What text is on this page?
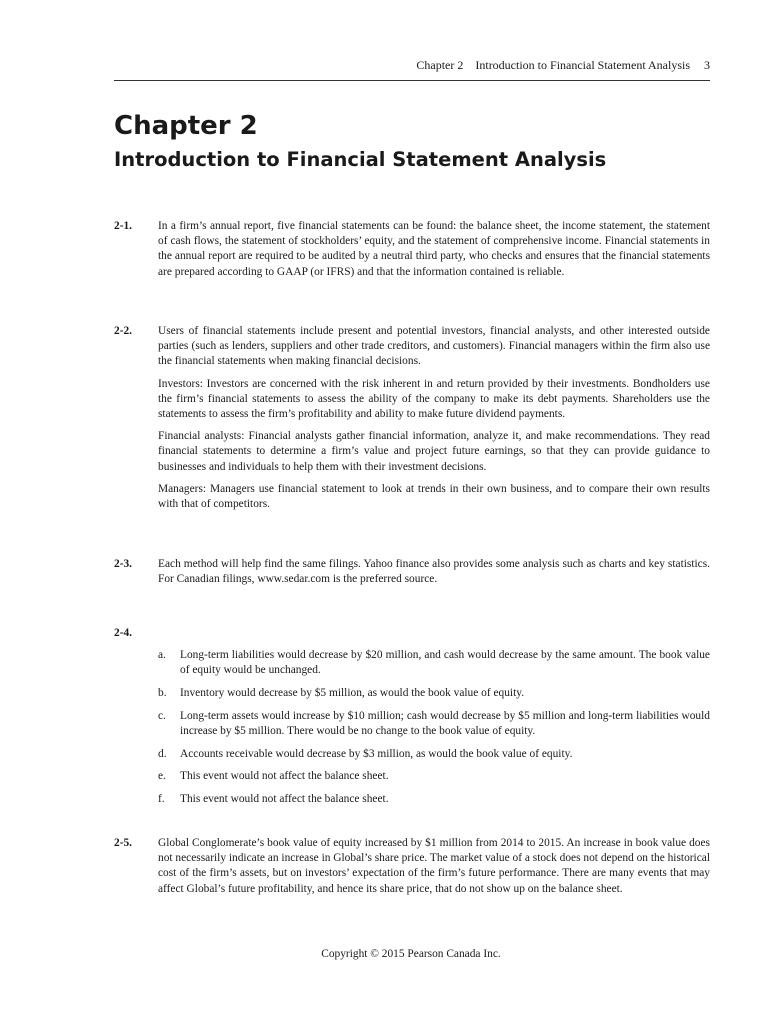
Chapter 2 Introduction to Financial Statement Analysis 3
Chapter 2
Introduction to Financial Statement Analysis
2-1. In a firm’s annual report, five financial statements can be found: the balance sheet, the income statement, the statement of cash flows, the statement of stockholders’ equity, and the statement of comprehensive income. Financial statements in the annual report are required to be audited by a neutral third party, who checks and ensures that the financial statements are prepared according to GAAP (or IFRS) and that the information contained is reliable.

2-2. Users of financial statements include present and potential investors, financial analysts, and other interested outside parties (such as lenders, suppliers and other trade creditors, and customers). Financial managers within the firm also use the financial statements when making financial decisions.

Investors: Investors are concerned with the risk inherent in and return provided by their investments. Bondholders use the firm’s financial statements to assess the ability of the company to make its debt payments. Shareholders use the statements to assess the firm’s profitability and ability to make future dividend payments.

Financial analysts: Financial analysts gather financial information, analyze it, and make recommendations. They read financial statements to determine a firm’s value and project future earnings, so that they can provide guidance to businesses and individuals to help them with their investment decisions.

Managers: Managers use financial statement to look at trends in their own business, and to compare their own results with that of competitors.

2-3. Each method will help find the same filings. Yahoo finance also provides some analysis such as charts and key statistics. For Canadian filings, www.sedar.com is the preferred source.

2-4.
a. Long-term liabilities would decrease by $20 million, and cash would decrease by the same amount. The book value of equity would be unchanged.
b. Inventory would decrease by $5 million, as would the book value of equity.
c. Long-term assets would increase by $10 million; cash would decrease by $5 million and long-term liabilities would increase by $5 million. There would be no change to the book value of equity.
d. Accounts receivable would decrease by $3 million, as would the book value of equity.
e. This event would not affect the balance sheet.
f. This event would not affect the balance sheet.
2-5. Global Conglomerate’s book value of equity increased by $1 million from 2014 to 2015. An increase in book value does not necessarily indicate an increase in Global’s share price. The market value of a stock does not depend on the historical cost of the firm’s assets, but on investors’ expectation of the firm’s future performance. There are many events that may affect Global’s future profitability, and hence its share price, that do not show up on the balance sheet.

Copyright © 2015 Pearson Canada Inc.
